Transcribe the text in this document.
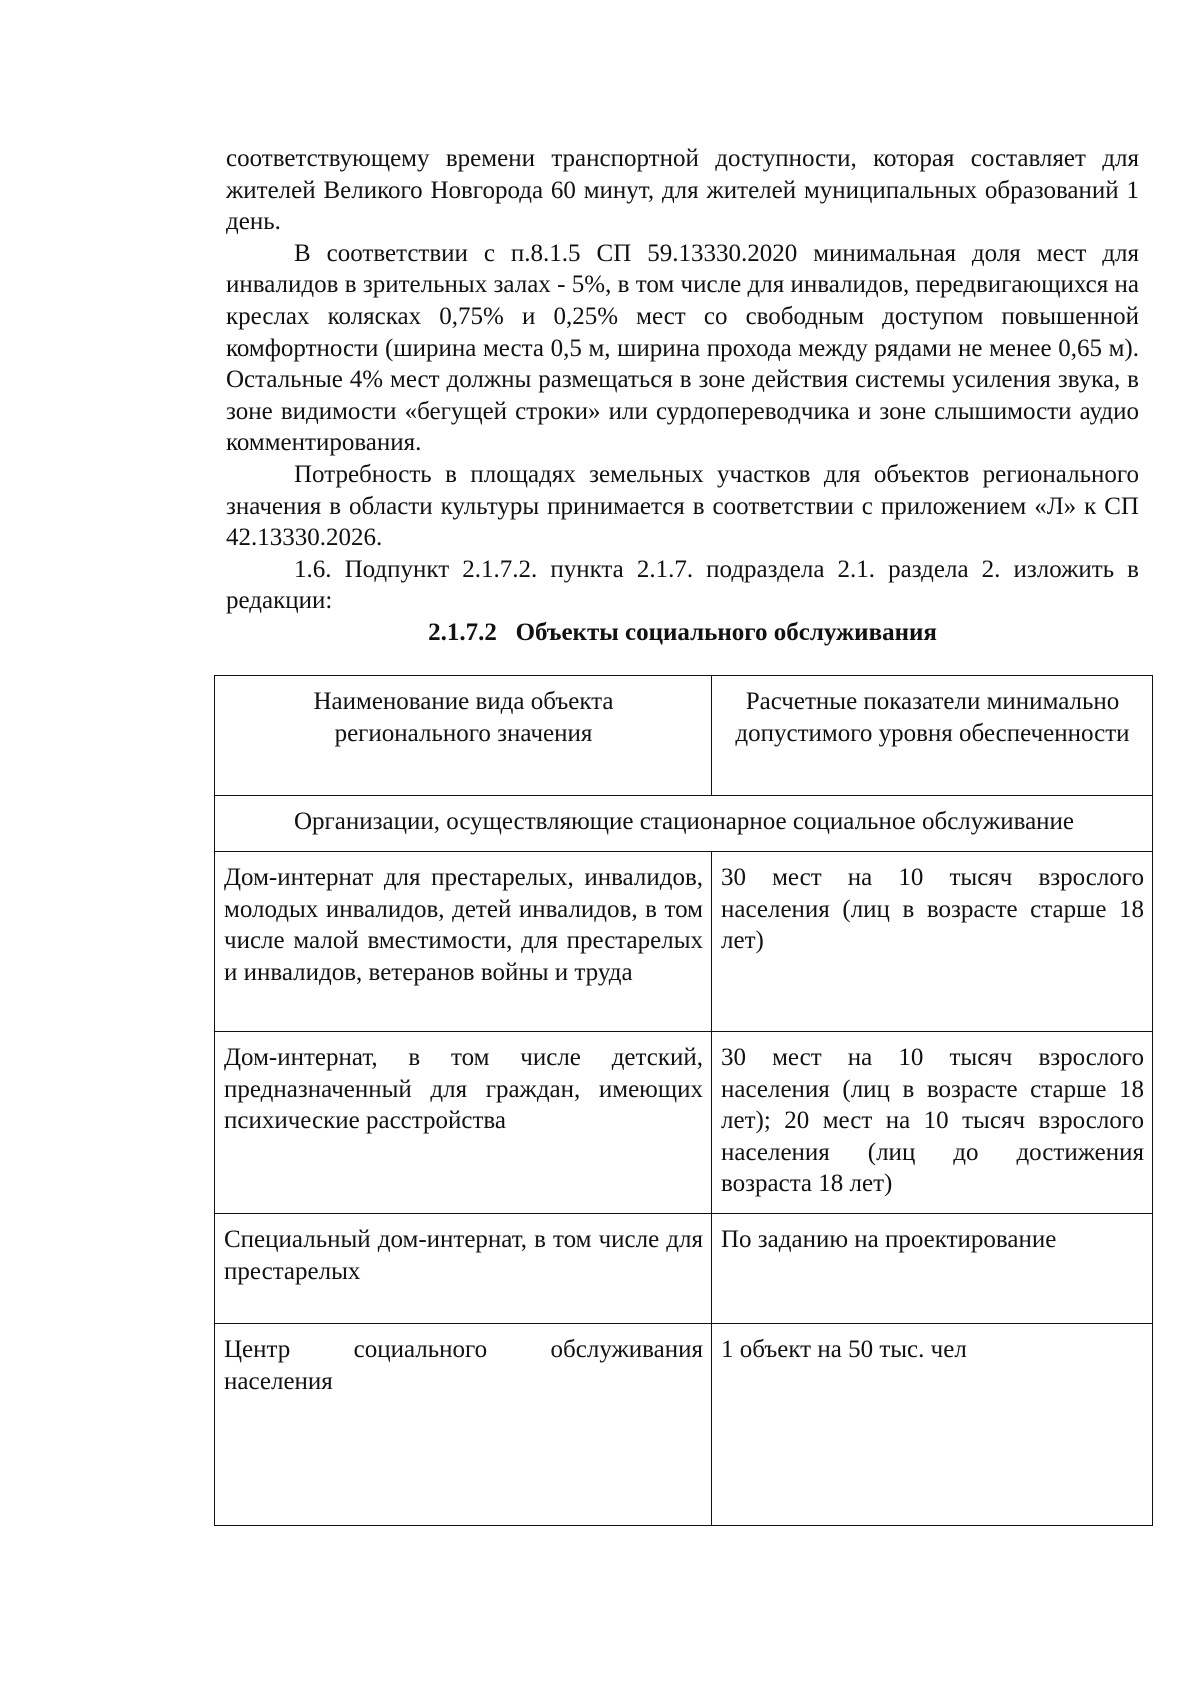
соответствующему времени транспортной доступности, которая составляет для жителей Великого Новгорода 60 минут, для жителей муниципальных образований 1 день.

В соответствии с п.8.1.5 СП 59.13330.2020 минимальная доля мест для инвалидов в зрительных залах - 5%, в том числе для инвалидов, передвигающихся на креслах колясках 0,75% и 0,25% мест со свободным доступом повышенной комфортности (ширина места 0,5 м, ширина прохода между рядами не менее 0,65 м). Остальные 4% мест должны размещаться в зоне действия системы усиления звука, в зоне видимости «бегущей строки» или сурдопереводчика и зоне слышимости аудио комментирования.

Потребность в площадях земельных участков для объектов регионального значения в области культуры принимается в соответствии с приложением «Л» к СП 42.13330.2026.

1.6. Подпункт 2.1.7.2. пункта 2.1.7. подраздела 2.1. раздела 2. изложить в редакции:

2.1.7.2   Объекты социального обслуживания

Наименование вида объекта регионального значения	Расчетные показатели минимально допустимого уровня обеспеченности

Организации, осуществляющие стационарное социальное обслуживание	

Дом-интернат для престарелых, инвалидов, молодых инвалидов, детей инвалидов, в том числе малой вместимости, для престарелых и инвалидов, ветеранов войны и труда	30 мест на 10 тысяч взрослого населения (лиц в возрасте старше 18 лет)

Дом-интернат, в том числе детский, предназначенный для граждан, имеющих психические расстройства	30 мест на 10 тысяч взрослого населения (лиц в возрасте старше 18 лет); 20 мест на 10 тысяч взрослого населения (лиц до достижения возраста 18 лет)

Специальный дом-интернат, в том числе для престарелых	По заданию на проектирование

Центр социального обслуживания населения	1 объект на 50 тыс. чел
